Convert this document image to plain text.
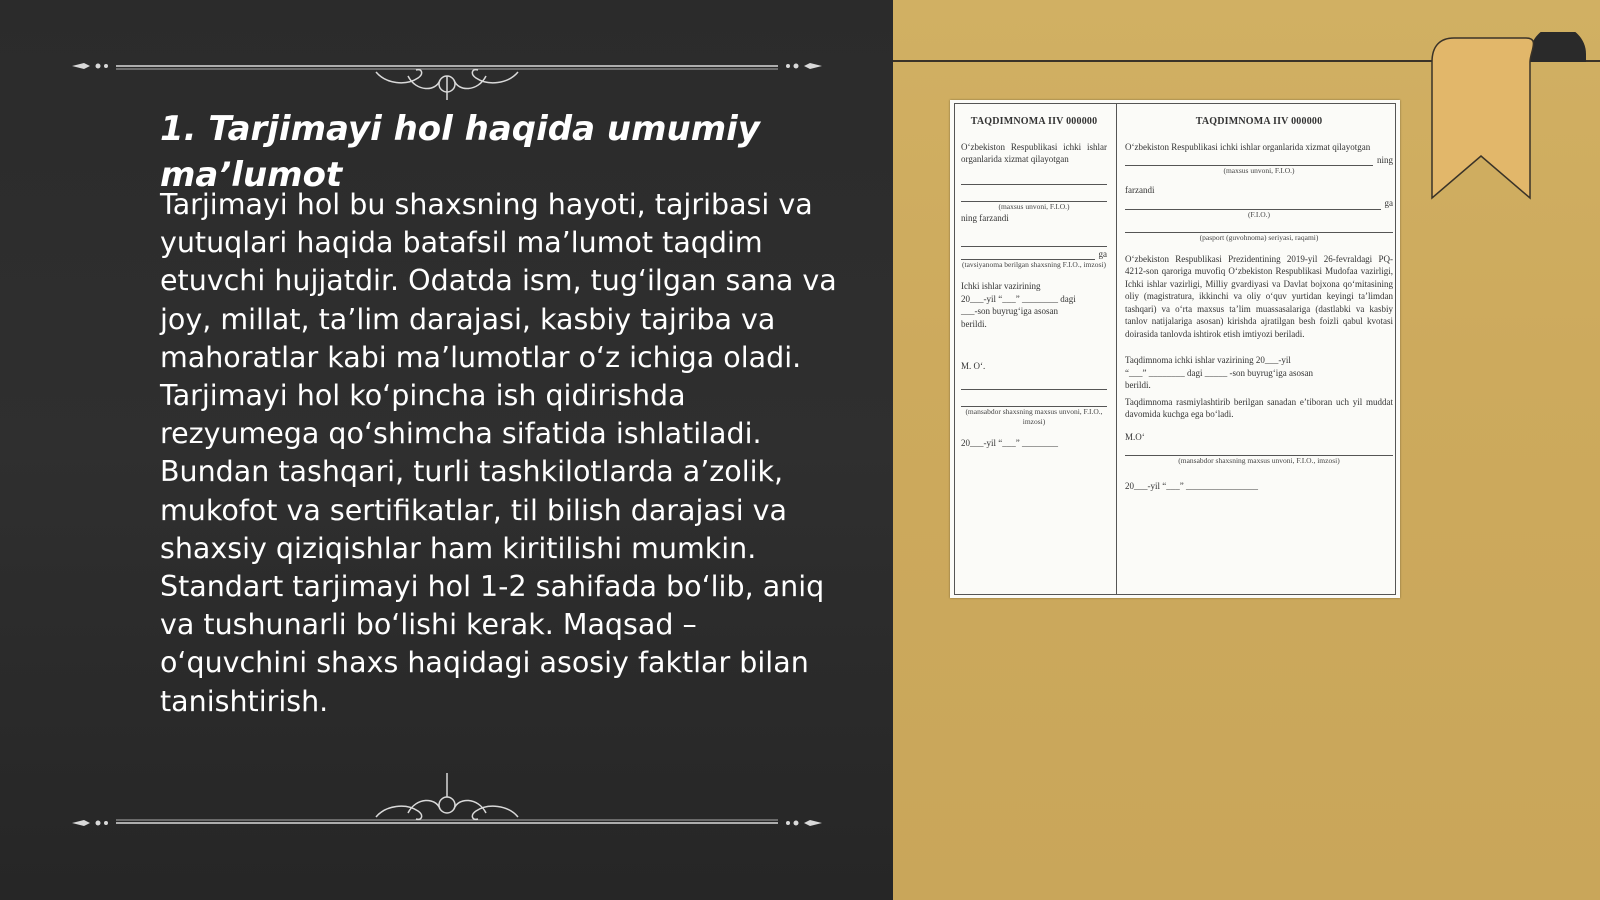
1. Tarjimayi hol haqida umumiy ma’lumot

Tarjimayi hol bu shaxsning hayoti, tajribasi va yutuqlari haqida batafsil ma’lumot taqdim etuvchi hujjatdir. Odatda ism, tug‘ilgan sana va joy, millat, ta’lim darajasi, kasbiy tajriba va mahoratlar kabi ma’lumotlar o‘z ichiga oladi. Tarjimayi hol ko‘pincha ish qidirishda rezyumega qo‘shimcha sifatida ishlatiladi. Bundan tashqari, turli tashkilotlarda a’zolik, mukofot va sertifikatlar, til bilish darajasi va shaxsiy qiziqishlar ham kiritilishi mumkin. Standart tarjimayi hol 1-2 sahifada bo‘lib, aniq va tushunarli bo‘lishi kerak. Maqsad – o‘quvchini shaxs haqidagi asosiy faktlar bilan tanishtirish.

TAQDIMNOMA IIV 000000

O‘zbekiston Respublikasi ichki ishlar organlarida xizmat qilayotgan

(maxsus unvoni, F.I.O.)

ning farzandi

ga
(tavsiyanoma berilgan shaxsning F.I.O., imzosi)

Ichki ishlar vazirining

20___-yil “___” ________ dagi

___-son buyrug‘iga asosan

berildi.

M. O‘.

(mansabdor shaxsning maxsus unvoni, F.I.O., imzosi)

20___-yil “___” ________

TAQDIMNOMA IIV 000000

O‘zbekiston Respublikasi ichki ishlar organlarida xizmat qilayotgan

ning
(maxsus unvoni, F.I.O.)

farzandi

ga
(F.I.O.)
(pasport (guvohnoma) seriyasi, raqami)

O‘zbekiston Respublikasi Prezidentining 2019-yil 26-fevraldagi PQ-4212-son qaroriga muvofiq O‘zbekiston Respublikasi Mudofaa vazirligi, Ichki ishlar vazirligi, Milliy gvardiyasi va Davlat bojxona qo‘mitasining oliy (magistratura, ikkinchi va oliy o‘quv yurtidan keyingi ta’limdan tashqari) va o‘rta maxsus ta’lim muassasalariga (dastlabki va kasbiy tanlov natijalariga asosan) kirishda ajratilgan besh foizli qabul kvotasi doirasida tanlovda ishtirok etish imtiyozi beriladi.

Taqdimnoma ichki ishlar vazirining 20___-yil

“___” ________ dagi _____ -son buyrug‘iga asosan

berildi.

Taqdimnoma rasmiylashtirib berilgan sanadan e’tiboran uch yil muddat davomida kuchga ega bo‘ladi.

M.O‘

(mansabdor shaxsning maxsus unvoni, F.I.O., imzosi)

20___-yil “___” ________________
